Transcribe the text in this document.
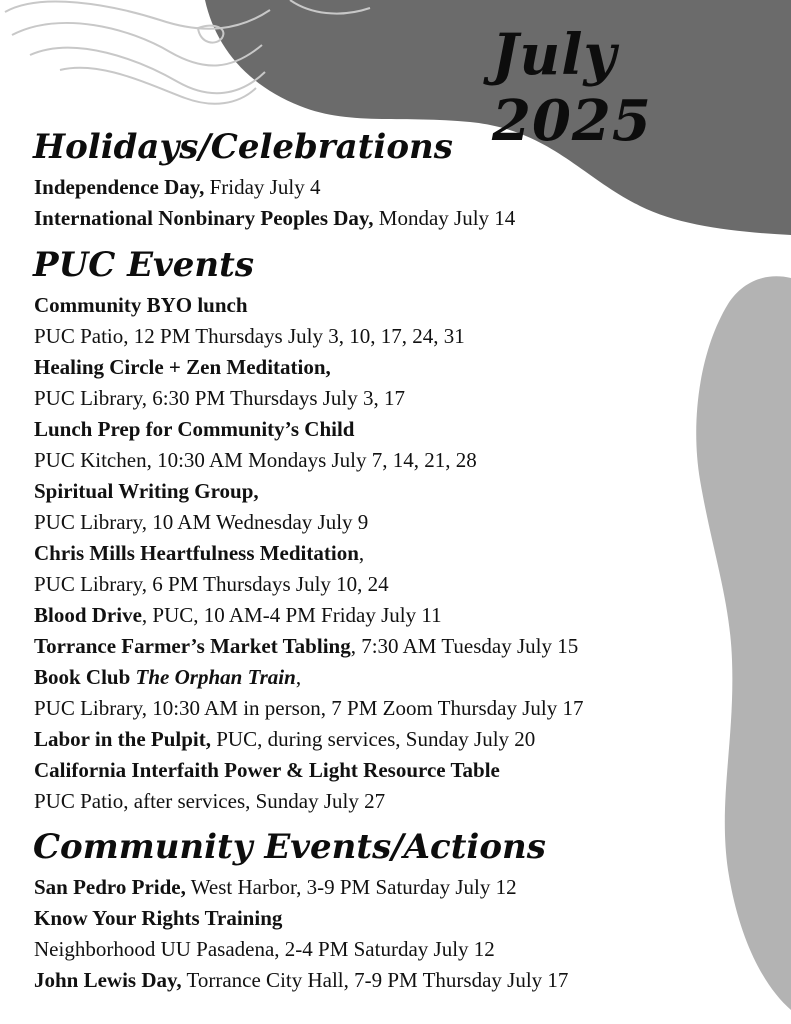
July 2025
Holidays/Celebrations
Independence Day, Friday July 4
International Nonbinary Peoples Day, Monday July 14
PUC Events
Community BYO lunch
PUC Patio, 12 PM Thursdays July 3, 10, 17, 24, 31
Healing Circle + Zen Meditation,
PUC Library, 6:30 PM Thursdays July 3, 17
Lunch Prep for Community’s Child
PUC Kitchen, 10:30 AM Mondays July 7, 14, 21, 28
Spiritual Writing Group,
PUC Library, 10 AM Wednesday July 9
Chris Mills Heartfulness Meditation,
PUC Library, 6 PM Thursdays July 10, 24
Blood Drive, PUC, 10 AM-4 PM Friday July 11
Torrance Farmer’s Market Tabling, 7:30 AM Tuesday July 15
Book Club The Orphan Train,
PUC Library, 10:30 AM in person, 7 PM Zoom Thursday July 17
Labor in the Pulpit, PUC, during services, Sunday July 20
California Interfaith Power & Light Resource Table
PUC Patio, after services, Sunday July 27
Community Events/Actions
San Pedro Pride, West Harbor, 3-9 PM Saturday July 12
Know Your Rights Training
Neighborhood UU Pasadena, 2-4 PM Saturday July 12
John Lewis Day, Torrance City Hall, 7-9 PM Thursday July 17
